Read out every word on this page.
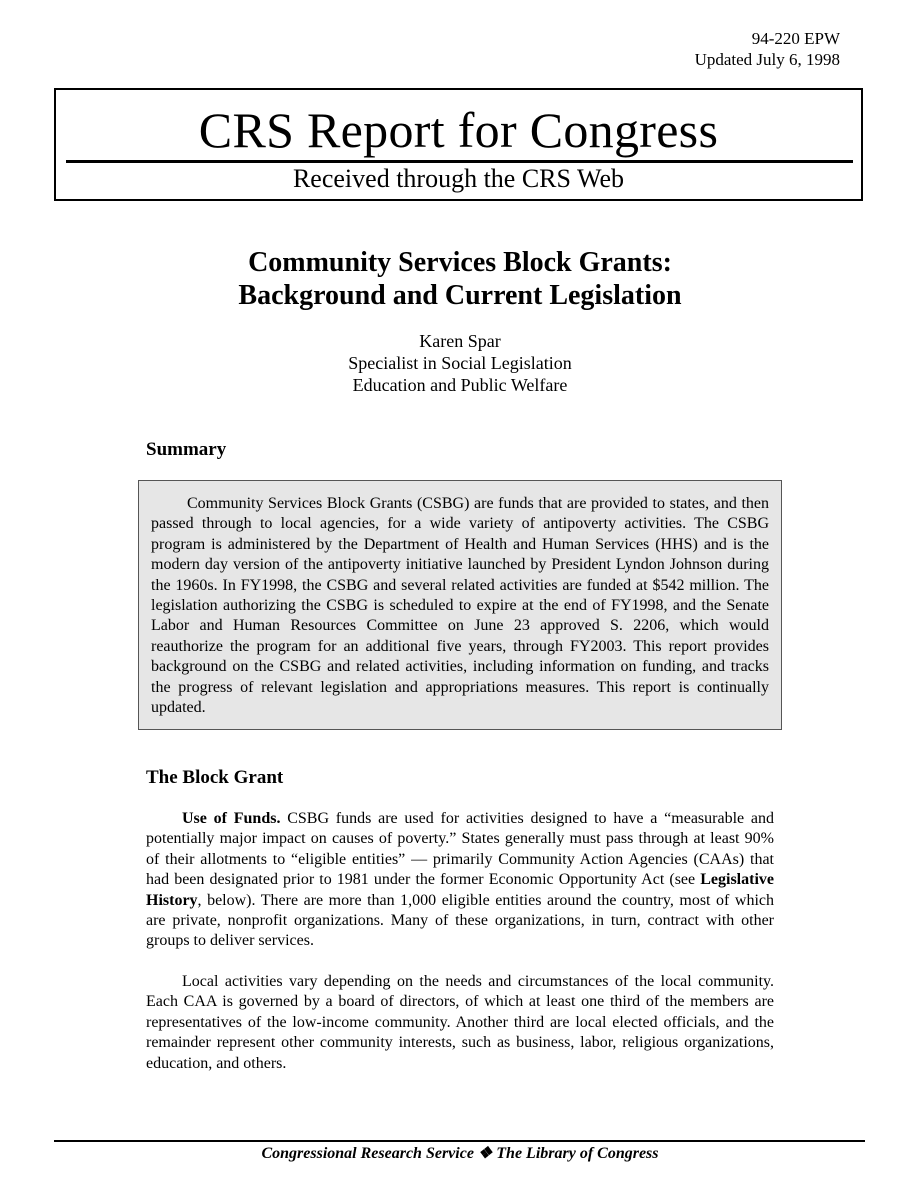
94-220 EPW
Updated July 6, 1998
CRS Report for Congress
Received through the CRS Web
Community Services Block Grants:
Background and Current Legislation
Karen Spar
Specialist in Social Legislation
Education and Public Welfare
Summary
Community Services Block Grants (CSBG) are funds that are provided to states, and then passed through to local agencies, for a wide variety of antipoverty activities. The CSBG program is administered by the Department of Health and Human Services (HHS) and is the modern day version of the antipoverty initiative launched by President Lyndon Johnson during the 1960s. In FY1998, the CSBG and several related activities are funded at $542 million. The legislation authorizing the CSBG is scheduled to expire at the end of FY1998, and the Senate Labor and Human Resources Committee on June 23 approved S. 2206, which would reauthorize the program for an additional five years, through FY2003. This report provides background on the CSBG and related activities, including information on funding, and tracks the progress of relevant legislation and appropriations measures. This report is continually updated.
The Block Grant
Use of Funds. CSBG funds are used for activities designed to have a “measurable and potentially major impact on causes of poverty.” States generally must pass through at least 90% of their allotments to “eligible entities” — primarily Community Action Agencies (CAAs) that had been designated prior to 1981 under the former Economic Opportunity Act (see Legislative History, below). There are more than 1,000 eligible entities around the country, most of which are private, nonprofit organizations. Many of these organizations, in turn, contract with other groups to deliver services.
Local activities vary depending on the needs and circumstances of the local community. Each CAA is governed by a board of directors, of which at least one third of the members are representatives of the low-income community. Another third are local elected officials, and the remainder represent other community interests, such as business, labor, religious organizations, education, and others.
Congressional Research Service ❖ The Library of Congress
